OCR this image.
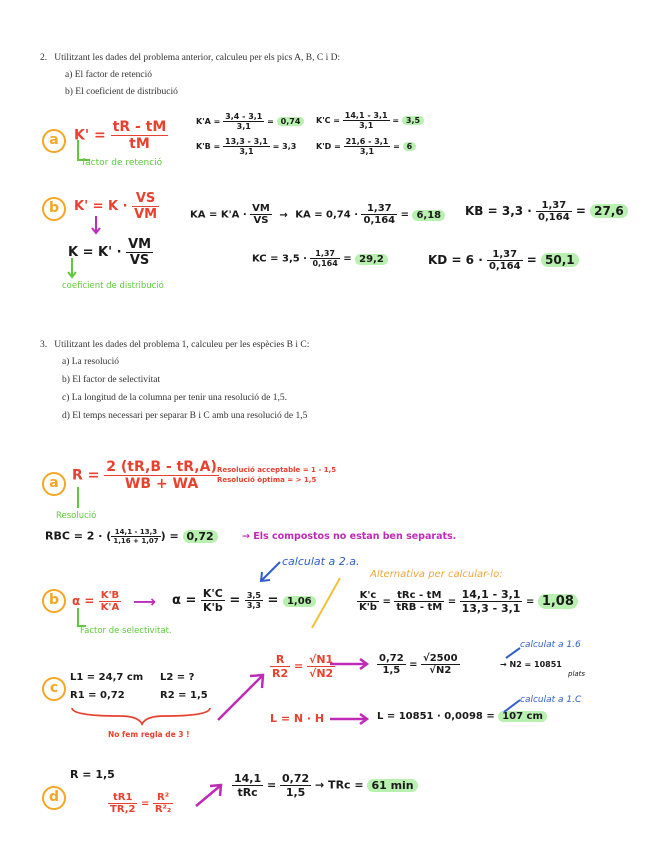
2. Utilitzant les dades del problema anterior, calculeu per els pics A, B, C i D:
a) El factor de retenció
b) El coeficient de distribució
a	$K' = \frac{tR - tM}{tM}$
factor de retenció
$K'A = \frac{3,4 - 3,1}{3,1} = 0,74$
$K'B = \frac{13,3 - 3,1}{3,1} = 3,3$
$K'C = \frac{14,1 - 3,1}{3,1} = 3,5$
$K'D = \frac{21,6 - 3,1}{3,1} = 6$
b	$K' = K \cdot \frac{VS}{VM}$
$K = K' \cdot \frac{VM}{VS}$
coeficient de distribució
KA = $K'A \cdot \frac{VM}{VS}$ → KA = $0,74 \cdot \frac{1,37}{0,164} = 6,18$	KB = $3,3 \cdot \frac{1,37}{0,164} = 27,6$
KC = $3,5 \cdot \frac{1,37}{0,164} = 29,2$	KD = $6 \cdot \frac{1,37}{0,164} = 50,1$
3. Utilitzant les dades del problema 1, calculeu per les espècies B i C:
a) La resolució
b) El factor de selectivitat
c) La longitud de la columna per tenir una resolució de 1,5.
d) El temps necessari per separar B i C amb una resolució de 1,5
a $R = \frac{2 (tR,B - tR,A)}{WB + WA}$
Resolució acceptable = 1 - 1,5
Resolució òptima = > 1,5
Resolució
RBC = 2 · ( $\frac{14,1 - 13,3}{1,16 + 1,07}$ ) = 0,72	→ Els compostos no estan ben separats.
b	$\alpha = \frac{K'B}{K'A}$ ⟶ $\alpha = \frac{K'C}{K'b} = \frac{3,5}{3,3} = 1,06$
calculat a 2.a.
Factor de selectivitat.
Alternativa per calcular-lo:
$\frac{K'c}{K'b} = \frac{\text{tRc - tM}}{\text{tRB - tM}} = \frac{14,1 - 3,1}{13,3 - 3,1} = 1,08$
c
L1 = 24,7 cm
R1 = 0,72
L2 = ?
R2 = 1,5
No fem regla de 3 !
$\frac{R}{R2} = \frac{√N1}{√N2}$	$\frac{0,72}{1,5} = \frac{√2500}{√N2}$	→ N2 = 10851
plats
calculat a 1.6
calculat a 1.C
L = N · H	L = 10851 · 0,0098 = 107 cm
d
R = 1,5
$\frac{tR1}{TR,2} = \frac{\text{R²}}{\text{R²₂}}$
$\frac{14,1}{\text{tRc}} = \frac{0,72}{1,5}$ → TRc = 61 min
